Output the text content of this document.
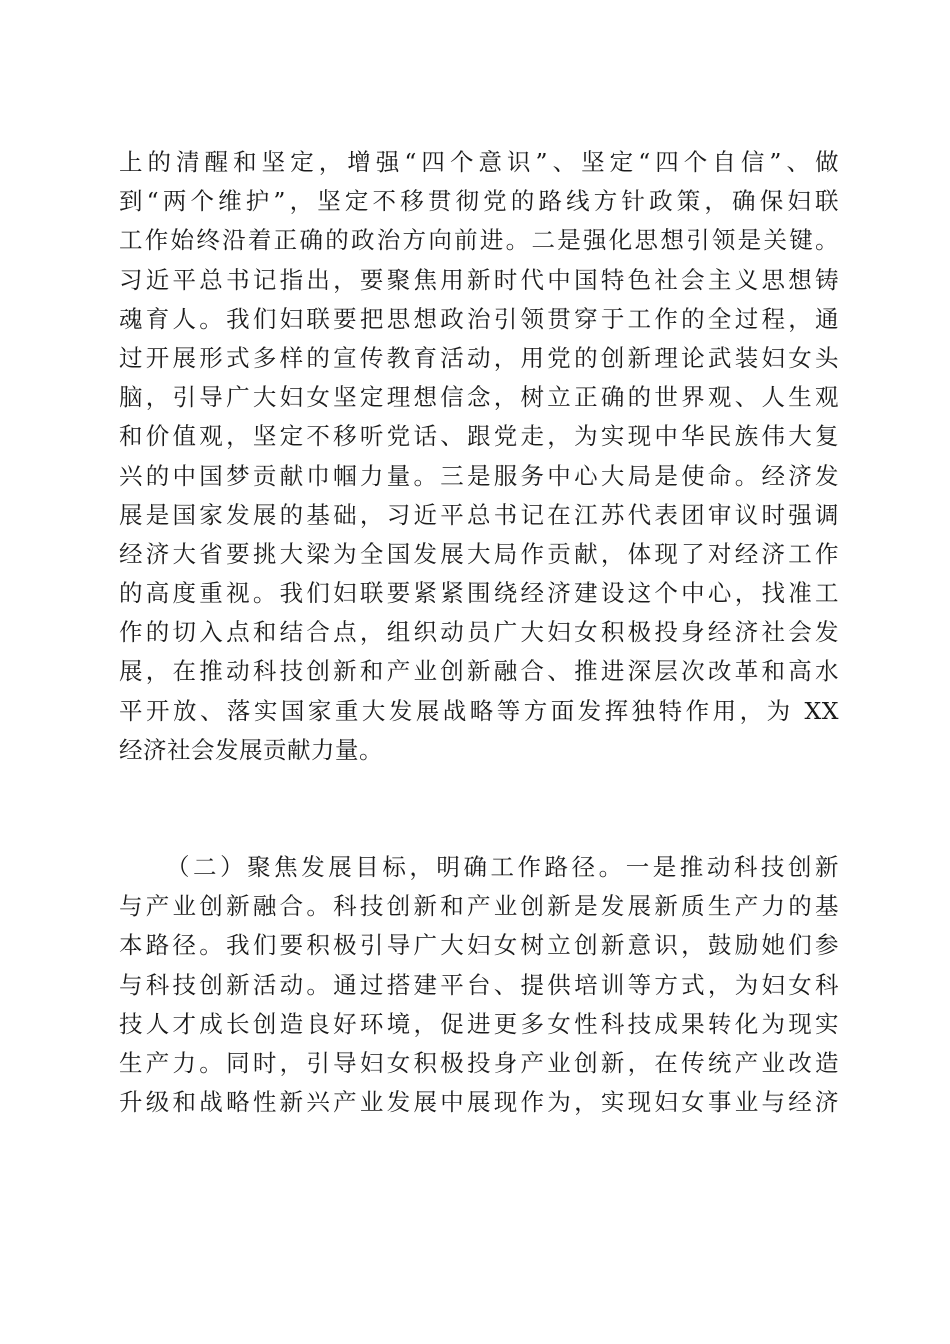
上的清醒和坚定，增强“四个意识”、坚定“四个自信”、做
到“两个维护”，坚定不移贯彻党的路线方针政策，确保妇联
工作始终沿着正确的政治方向前进。二是强化思想引领是关键。
习近平总书记指出，要聚焦用新时代中国特色社会主义思想铸
魂育人。我们妇联要把思想政治引领贯穿于工作的全过程，通
过开展形式多样的宣传教育活动，用党的创新理论武装妇女头
脑，引导广大妇女坚定理想信念，树立正确的世界观、人生观
和价值观，坚定不移听党话、跟党走，为实现中华民族伟大复
兴的中国梦贡献巾帼力量。三是服务中心大局是使命。经济发
展是国家发展的基础，习近平总书记在江苏代表团审议时强调
经济大省要挑大梁为全国发展大局作贡献，体现了对经济工作
的高度重视。我们妇联要紧紧围绕经济建设这个中心，找准工
作的切入点和结合点，组织动员广大妇女积极投身经济社会发
展，在推动科技创新和产业创新融合、推进深层次改革和高水
平开放、落实国家重大发展战略等方面发挥独特作用，为 XX
经济社会发展贡献力量。
（二）聚焦发展目标，明确工作路径。一是推动科技创新
与产业创新融合。科技创新和产业创新是发展新质生产力的基
本路径。我们要积极引导广大妇女树立创新意识，鼓励她们参
与科技创新活动。通过搭建平台、提供培训等方式，为妇女科
技人才成长创造良好环境，促进更多女性科技成果转化为现实
生产力。同时，引导妇女积极投身产业创新，在传统产业改造
升级和战略性新兴产业发展中展现作为，实现妇女事业与经济
